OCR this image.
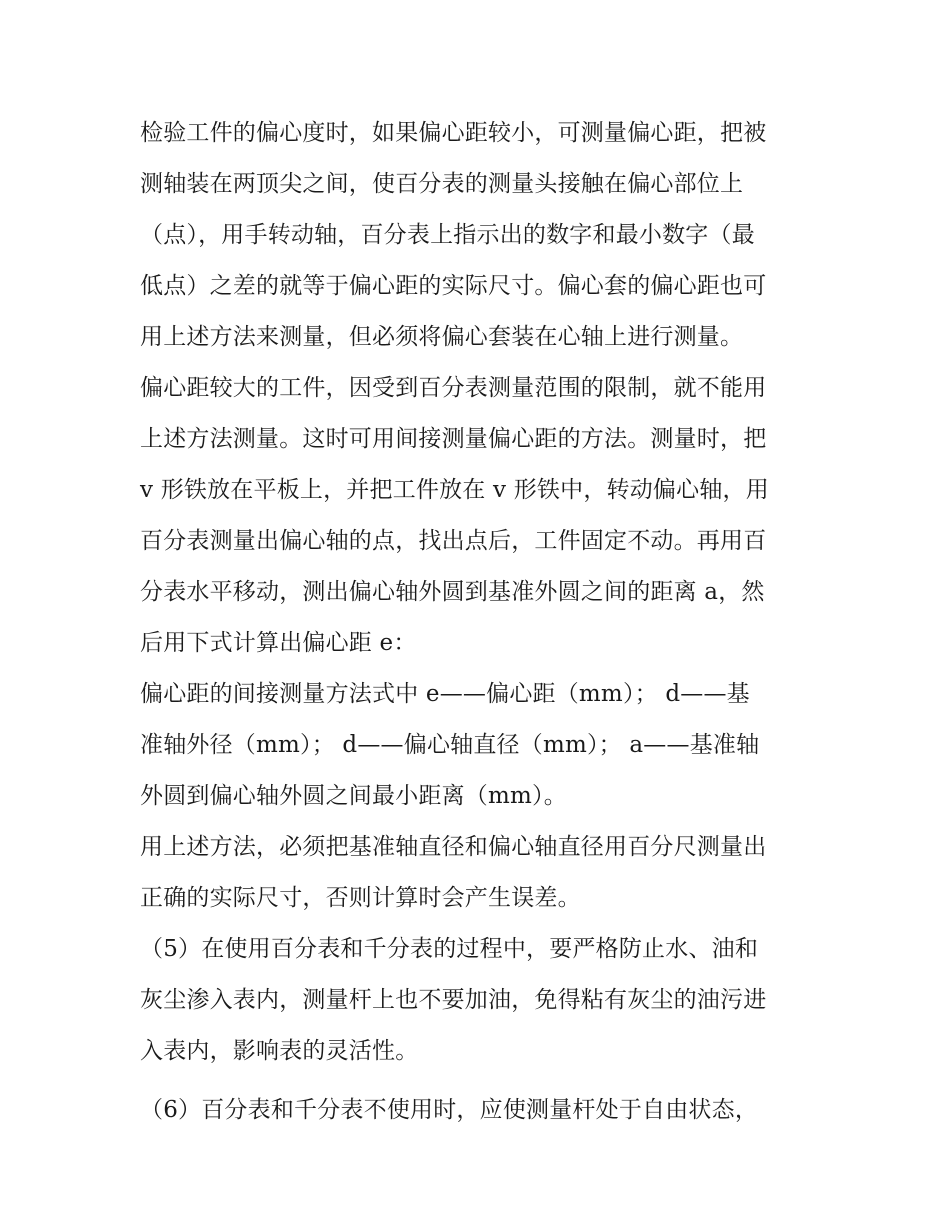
检验工件的偏心度时，如果偏心距较小，可测量偏心距，把被
测轴装在两顶尖之间，使百分表的测量头接触在偏心部位上
（点），用手转动轴，百分表上指示出的数字和最小数字（最
低点）之差的就等于偏心距的实际尺寸。偏心套的偏心距也可
用上述方法来测量，但必须将偏心套装在心轴上进行测量。
偏心距较大的工件，因受到百分表测量范围的限制，就不能用
上述方法测量。这时可用间接测量偏心距的方法。测量时，把
v 形铁放在平板上，并把工件放在 v 形铁中，转动偏心轴，用
百分表测量出偏心轴的点，找出点后，工件固定不动。再用百
分表水平移动，测出偏心轴外圆到基准外圆之间的距离 a，然
后用下式计算出偏心距 e：
偏心距的间接测量方法式中 e——偏心距（mm）； d——基
准轴外径（mm）； d——偏心轴直径（mm）； a——基准轴
外圆到偏心轴外圆之间最小距离（mm）。
用上述方法，必须把基准轴直径和偏心轴直径用百分尺测量出
正确的实际尺寸，否则计算时会产生误差。
（5）在使用百分表和千分表的过程中，要严格防止水、油和
灰尘渗入表内，测量杆上也不要加油，免得粘有灰尘的油污进
入表内，影响表的灵活性。
（6）百分表和千分表不使用时，应使测量杆处于自由状态，
